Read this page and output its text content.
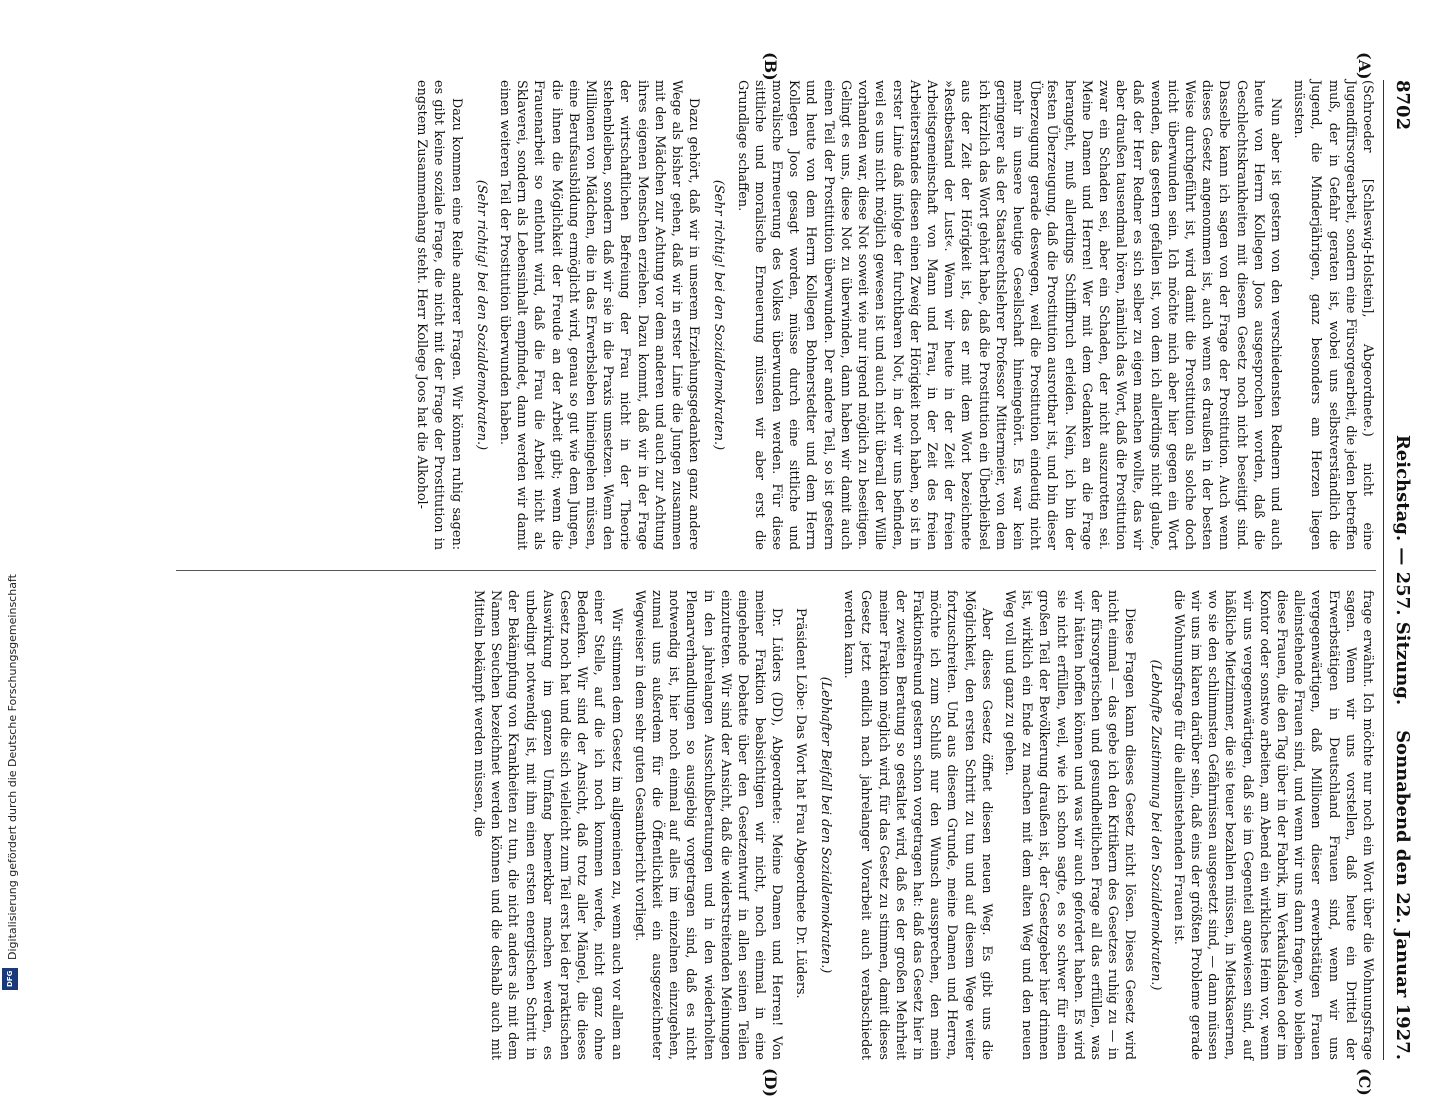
Digitalisierung gefördert durch die Deutsche Forschungsgemeinschaft
DFG
8702
Reichstag. — 257. Sitzung.
Sonnabend den 22. Januar 1927.

(Schroeder [Schleswig-Holstein], Abgeordnete.) nicht eine Jugendfürsorgearbeit, sondern eine Fürsorgearbeit, die jeden betreffen muß, der in Gefahr geraten ist, wobei uns selbstverständlich die Jugend, die Minderjährigen, ganz besonders am Herzen liegen müssten.

Nun aber ist gestern von den verschiedensten Rednern und auch heute von Herrn Kollegen Joos ausgesprochen worden, daß die Geschlechtskrankheiten mit diesem Gesetz noch nicht beseitigt sind. Dasselbe kann ich sagen von der Frage der Prostitution. Auch wenn dieses Gesetz angenommen ist, auch wenn es draußen in der besten Weise durchgeführt ist, wird damit die Prostitution als solche doch nicht überwunden sein. Ich möchte mich aber hier gegen ein Wort wenden, das gestern gefallen ist, von dem ich allerdings nicht glaube, daß der Herr Redner es sich selber zu eigen machen wollte, das wir aber draußen tausendmal hören, nämlich das Wort, daß die Prostitution zwar ein Schaden sei, aber ein Schaden, der nicht auszurotten sei. Meine Damen und Herren! Wer mit dem Gedanken an die Frage herangeht, muß allerdings Schiffbruch erleiden. Nein, ich bin der festen Überzeugung, daß die Prostitution ausrottbar ist, und bin dieser Überzeugung gerade deswegen, weil die Prostitution eindeutig nicht mehr in unsere heutige Gesellschaft hineingehört. Es war kein geringerer als der Staatsrechtslehrer Professor Mittermeier, von dem ich kürzlich das Wort gehört habe, daß die Prostitution ein Überbleibsel aus der Zeit der Hörigkeit ist, das er mit dem Wort bezeichnete »Restbestand der Lust«. Wenn wir heute in der Zeit der freien Arbeitsgemeinschaft von Mann und Frau, in der Zeit des freien Arbeiterstandes diesen einen Zweig der Hörigkeit noch haben, so ist in erster Linie daß infolge der furchtbaren Not, in der wir uns befinden, weil es uns nicht möglich gewesen ist und auch nicht überall der Wille vorhanden war, diese Not soweit wie nur irgend möglich zu beseitigen. Gelingt es uns, diese Not zu überwinden, dann haben wir damit auch einen Teil der Prostitution überwunden. Der andere Teil, so ist gestern und heute von dem Herrn Kollegen Bohnerstedter und dem Herrn Kollegen Joos gesagt worden, müsse durch eine sittliche und moralische Erneuerung des Volkes überwunden werden. Für diese sittliche und moralische Erneuerung müssen wir aber erst die Grundlage schaffen.

(Sehr richtig! bei den Sozialdemokraten.)

Dazu gehört, daß wir in unserem Erziehungsgedanken ganz andere Wege als bisher gehen, daß wir in erster Linie die Jungen zusammen mit den Mädchen zur Achtung vor dem anderen und auch zur Achtung ihres eigenen Menschen erziehen. Dazu kommt, daß wir in der Frage der wirtschaftlichen Befreiung der Frau nicht in der Theorie stehenbleiben, sondern daß wir sie in die Praxis umsetzen. Wenn den Millionen von Mädchen, die in das Erwerbsleben hineingehen müssen, eine Berufsausbildung ermöglicht wird, genau so gut wie dem Jungen, die ihnen die Möglichkeit der Freude an der Arbeit gibt; wenn die Frauenarbeit so entlohnt wird, daß die Frau die Arbeit nicht als Sklaverei, sondern als Lebensinhalt empfindet, dann werden wir damit einen weiteren Teil der Prostitution überwunden haben.

(Sehr richtig! bei den Sozialdemokraten.)

Dazu kommen eine Reihe anderer Fragen. Wir können ruhig sagen: es gibt keine soziale Frage, die nicht mit der Frage der Prostitution in engstem Zusammenhang steht. Herr Kollege Joos hat die Alkohol-

frage erwähnt. Ich möchte nur noch ein Wort über die Wohnungsfrage sagen. Wenn wir uns vorstellen, daß heute ein Drittel der Erwerbstätigen in Deutschland Frauen sind, wenn wir uns vergegenwärtigen, daß Millionen dieser erwerbstätigen Frauen alleinstehende Frauen sind, und wenn wir uns dann fragen, wo bleiben diese Frauen, die den Tag über in der Fabrik, im Verkaufsladen oder im Kontor oder sonstwo arbeiten, am Abend ein wirkliches Heim vor, wenn wir uns vergegenwärtigen, daß sie im Gegenteil angewiesen sind, auf häßliche Mietzimmer, die sie teuer bezahlen müssen, in Mietskasernen, wo sie den schlimmsten Gefährnissen ausgesetzt sind, — dann müssen wir uns im klaren darüber sein, daß eins der größten Probleme gerade die Wohnungsfrage für die alleinstehenden Frauen ist.

(Lebhafte Zustimmung bei den Sozialdemokraten.)

Diese Fragen kann dieses Gesetz nicht lösen. Dieses Gesetz wird nicht einmal — das gebe ich den Kritikern des Gesetzes ruhig zu — in der fürsorgerischen und gesundheitlichen Frage all das erfüllen, was wir hätten hoffen können und was wir auch gefordert haben. Es wird sie nicht erfüllen, weil, wie ich schon sagte, es so schwer für einen großen Teil der Bevölkerung draußen ist, der Gesetzgeber hier drinnen ist, wirklich ein Ende zu machen mit dem alten Weg und den neuen Weg voll und ganz zu gehen.

Aber dieses Gesetz öffnet diesen neuen Weg. Es gibt uns die Möglichkeit, den ersten Schritt zu tun und auf diesem Wege weiter fortzuschreiten. Und aus diesem Grunde, meine Damen und Herren, möchte ich zum Schluß nur den Wunsch aussprechen, den mein Fraktionsfreund gestern schon vorgetragen hat: daß das Gesetz hier in der zweiten Beratung so gestaltet wird, daß es der großen Mehrheit meiner Fraktion möglich wird, für das Gesetz zu stimmen, damit dieses Gesetz jetzt endlich nach jahrelanger Vorarbeit auch verabschiedet werden kann.

(Lebhafter Beifall bei den Sozialdemokraten.)

Präsident Löbe: Das Wort hat Frau Abgeordnete Dr. Lüders.

Dr. Lüders (DD), Abgeordnete: Meine Damen und Herren! Von meiner Fraktion beabsichtigen wir nicht, noch einmal in eine eingehende Debatte über den Gesetzentwurf in allen seinen Teilen einzutreten. Wir sind der Ansicht, daß die widerstreitenden Meinungen in den jahrelangen Ausschußberatungen und in den wiederholten Plenarverhandlungen so ausgiebig vorgetragen sind, daß es nicht notwendig ist, hier noch einmal auf alles im einzelnen einzugehen, zumal uns außerdem für die Öffentlichkeit ein ausgezeichneter Wegweiser in dem sehr guten Gesamtbericht vorliegt.

Wir stimmen dem Gesetz im allgemeinen zu, wenn auch vor allem an einer Stelle, auf die ich noch kommen werde, nicht ganz ohne Bedenken. Wir sind der Ansicht, daß trotz aller Mängel, die dieses Gesetz noch hat und die sich vielleicht zum Teil erst bei der praktischen Auswirkung im ganzen Umfang bemerkbar machen werden, es unbedingt notwendig ist, mit ihm einen ersten energischen Schritt in der Bekämpfung von Krankheiten zu tun, die nicht anders als mit dem Namen Seuchen bezeichnet werden können und die deshalb auch mit Mitteln bekämpft werden müssen, die

(A)
(B)
(C)
(D)
